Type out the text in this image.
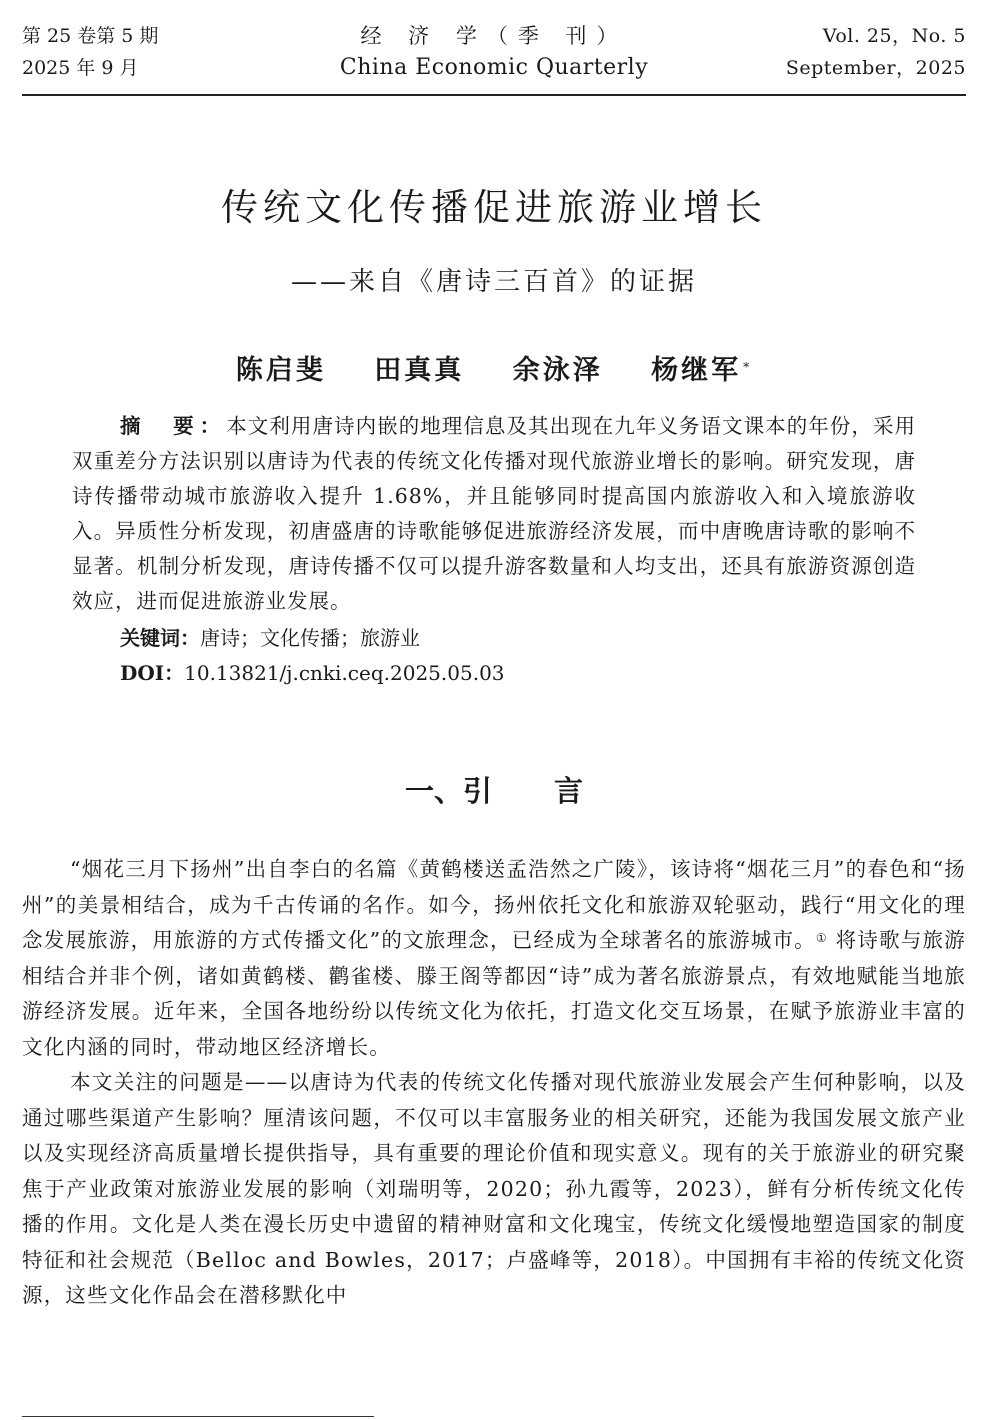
第 25 卷第 5 期
2025 年 9 月
经 济 学（季 刊）
China Economic Quarterly
Vol. 25，No. 5
September，2025
传统文化传播促进旅游业增长
——来自《唐诗三百首》的证据
陈启斐 田真真 余泳泽 杨继军 *

摘　要：本文利用唐诗内嵌的地理信息及其出现在九年义务语文课本的年份，采用双重差分方法识别以唐诗为代表的传统文化传播对现代旅游业增长的影响。研究发现，唐诗传播带动城市旅游收入提升 1.68%，并且能够同时提高国内旅游收入和入境旅游收入。异质性分析发现，初唐盛唐的诗歌能够促进旅游经济发展，而中唐晚唐诗歌的影响不显著。机制分析发现，唐诗传播不仅可以提升游客数量和人均支出，还具有旅游资源创造效应，进而促进旅游业发展。

关键词：唐诗；文化传播；旅游业
DOI：10.13821/j.cnki.ceq.2025.05.03
一、引 言

“烟花三月下扬州”出自李白的名篇《黄鹤楼送孟浩然之广陵》，该诗将“烟花三月”的春色和“扬州”的美景相结合，成为千古传诵的名作。如今，扬州依托文化和旅游双轮驱动，践行“用文化的理念发展旅游，用旅游的方式传播文化”的文旅理念，已经成为全球著名的旅游城市。① 将诗歌与旅游相结合并非个例，诸如黄鹤楼、鹳雀楼、滕王阁等都因“诗”成为著名旅游景点，有效地赋能当地旅游经济发展。近年来，全国各地纷纷以传统文化为依托，打造文化交互场景，在赋予旅游业丰富的文化内涵的同时，带动地区经济增长。

本文关注的问题是——以唐诗为代表的传统文化传播对现代旅游业发展会产生何种影响，以及通过哪些渠道产生影响？厘清该问题，不仅可以丰富服务业的相关研究，还能为我国发展文旅产业以及实现经济高质量增长提供指导，具有重要的理论价值和现实意义。现有的关于旅游业的研究聚焦于产业政策对旅游业发展的影响（刘瑞明等，2020；孙九霞等，2023），鲜有分析传统文化传播的作用。文化是人类在漫长历史中遗留的精神财富和文化瑰宝，传统文化缓慢地塑造国家的制度特征和社会规范（Belloc and Bowles，2017；卢盛峰等，2018）。中国拥有丰裕的传统文化资源，这些文化作品会在潜移默化中
